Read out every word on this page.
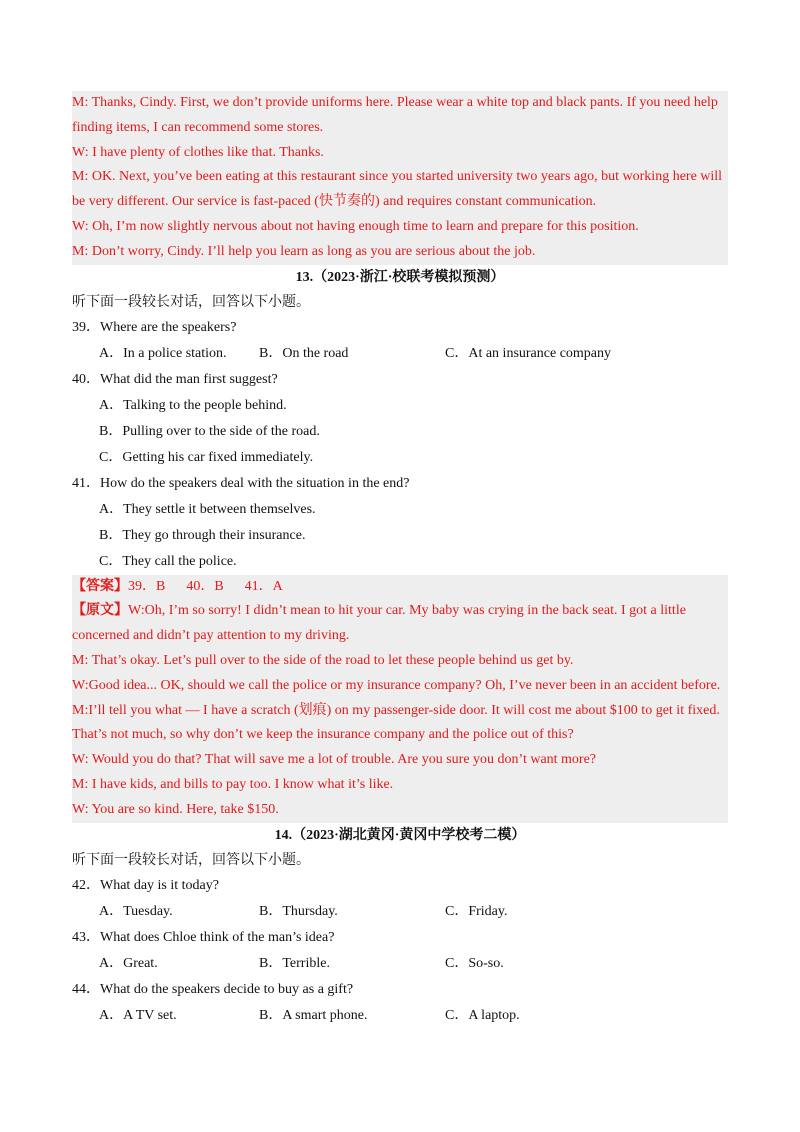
M: Thanks, Cindy. First, we don’t provide uniforms here. Please wear a white top and black pants. If you need help
finding items, I can recommend some stores.
W: I have plenty of clothes like that. Thanks.
M: OK. Next, you’ve been eating at this restaurant since you started university two years ago, but working here will
be very different. Our service is fast-paced (快节奏的) and requires constant communication.
W: Oh, I’m now slightly nervous about not having enough time to learn and prepare for this position.
M: Don’t worry, Cindy. I’ll help you learn as long as you are serious about the job.
13.（2023·浙江·校联考模拟预测）
听下面一段较长对话，回答以下小题。
39．Where are the speakers?
A．In a police station. B．On the road	C．At an insurance company
40．What did the man first suggest?
A．Talking to the people behind.
B．Pulling over to the side of the road.
C．Getting his car fixed immediately.
41．How do the speakers deal with the situation in the end?
A．They settle it between themselves.
B．They go through their insurance.
C．They call the police.
【答案】39．B      40．B      41．A
【原文】W:Oh, I’m so sorry! I didn’t mean to hit your car. My baby was crying in the back seat. I got a little
concerned and didn’t pay attention to my driving.
M: That’s okay. Let’s pull over to the side of the road to let these people behind us get by.
W:Good idea... OK, should we call the police or my insurance company? Oh, I’ve never been in an accident before.
M:I’ll tell you what — I have a scratch (划痕) on my passenger-side door. It will cost me about $100 to get it fixed.
That’s not much, so why don’t we keep the insurance company and the police out of this?
W: Would you do that? That will save me a lot of trouble. Are you sure you don’t want more?
M: I have kids, and bills to pay too. I know what it’s like.
W: You are so kind. Here, take $150.
14.（2023·湖北黄冈·黄冈中学校考二模）
听下面一段较长对话，回答以下小题。
42．What day is it today?
A．Tuesday.	B．Thursday.	C．Friday.
43．What does Chloe think of the man’s idea?
A．Great.	B．Terrible.	C．So-so.
44．What do the speakers decide to buy as a gift?
A．A TV set.	B．A smart phone.	C．A laptop.
